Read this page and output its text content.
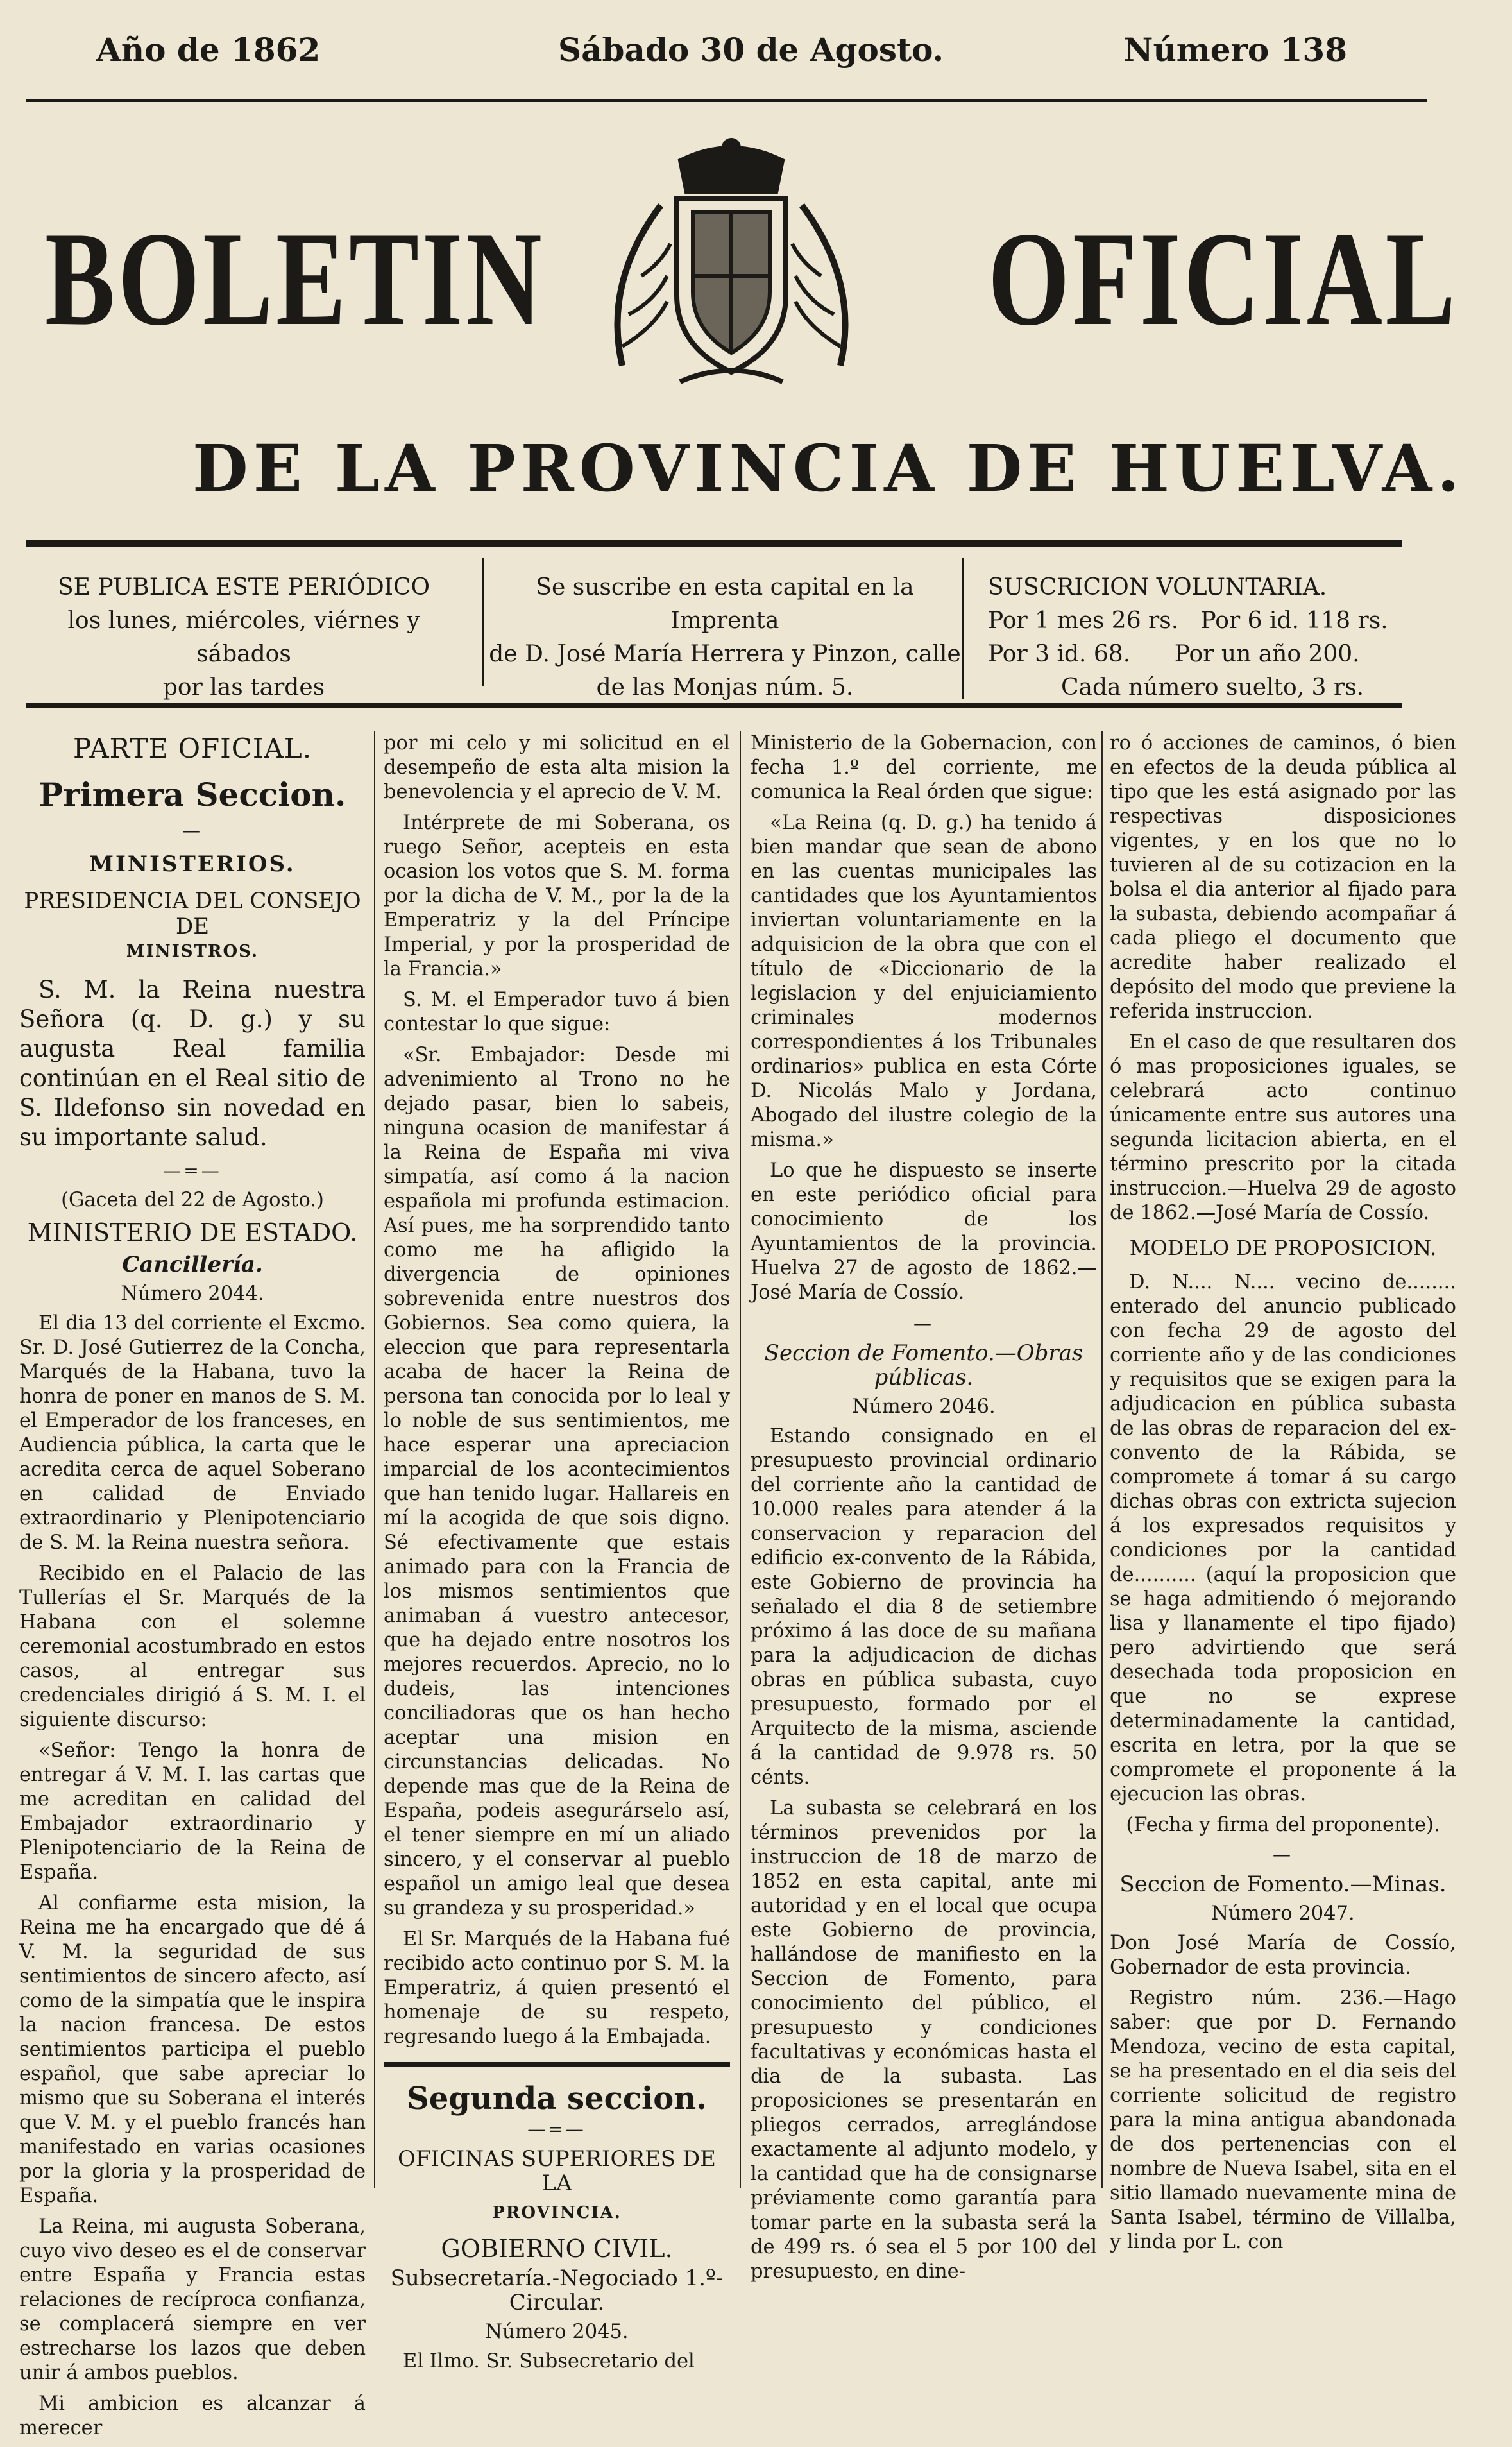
Año de 1862	Sábado 30 de Agosto.	Número 138
BOLETIN	OFICIAL
DE LA PROVINCIA DE HUELVA.
SE PUBLICA ESTE PERIÓDICO
los lunes, miércoles, viérnes y sábados
por las tardes
Se suscribe en esta capital en la Imprenta
de D. José María Herrera y Pinzon, calle
de las Monjas núm. 5.
SUSCRICION VOLUNTARIA.
Por 1 mes 26 rs.   Por 6 id. 118 rs.
Por 3 id. 68.      Por un año 200.
Cada número suelto, 3 rs.
PARTE OFICIAL.
Primera Seccion.
—
MINISTERIOS.
PRESIDENCIA DEL CONSEJO DE
MINISTROS.

S. M. la Reina nuestra Señora (q. D. g.) y su augusta Real familia continúan en el Real sitio de S. Ildefonso sin novedad en su importante salud.

—=—
(Gaceta del 22 de Agosto.)
MINISTERIO DE ESTADO.
Cancillería.
Número 2044.

El dia 13 del corriente el Excmo. Sr. D. José Gutierrez de la Concha, Marqués de la Habana, tuvo la honra de poner en manos de S. M. el Emperador de los franceses, en Audiencia pública, la carta que le acredita cerca de aquel Soberano en calidad de Enviado extraordinario y Plenipotenciario de S. M. la Reina nuestra señora.

Recibido en el Palacio de las Tullerías el Sr. Marqués de la Habana con el solemne ceremonial acostumbrado en estos casos, al entregar sus credenciales dirigió á S. M. I. el siguiente discurso:

«Señor: Tengo la honra de entregar á V. M. I. las cartas que me acreditan en calidad del Embajador extraordinario y Plenipotenciario de la Reina de España.

Al confiarme esta mision, la Reina me ha encargado que dé á V. M. la seguridad de sus sentimientos de sincero afecto, así como de la simpatía que le inspira la nacion francesa. De estos sentimientos participa el pueblo español, que sabe apreciar lo mismo que su Soberana el interés que V. M. y el pueblo francés han manifestado en varias ocasiones por la gloria y la prosperidad de España.

La Reina, mi augusta Soberana, cuyo vivo deseo es el de conservar entre España y Francia estas relaciones de recíproca confianza, se complacerá siempre en ver estrecharse los lazos que deben unir á ambos pueblos.

Mi ambicion es alcanzar á merecer

por mi celo y mi solicitud en el desempeño de esta alta mision la benevolencia y el aprecio de V. M.

Intérprete de mi Soberana, os ruego Señor, acepteis en esta ocasion los votos que S. M. forma por la dicha de V. M., por la de la Emperatriz y la del Príncipe Imperial, y por la prosperidad de la Francia.»

S. M. el Emperador tuvo á bien contestar lo que sigue:

«Sr. Embajador: Desde mi advenimiento al Trono no he dejado pasar, bien lo sabeis, ninguna ocasion de manifestar á la Reina de España mi viva simpatía, así como á la nacion española mi profunda estimacion. Así pues, me ha sorprendido tanto como me ha afligido la divergencia de opiniones sobrevenida entre nuestros dos Gobiernos. Sea como quiera, la eleccion que para representarla acaba de hacer la Reina de persona tan conocida por lo leal y lo noble de sus sentimientos, me hace esperar una apreciacion imparcial de los acontecimientos que han tenido lugar. Hallareis en mí la acogida de que sois digno. Sé efectivamente que estais animado para con la Francia de los mismos sentimientos que animaban á vuestro antecesor, que ha dejado entre nosotros los mejores recuerdos. Aprecio, no lo dudeis, las intenciones conciliadoras que os han hecho aceptar una mision en circunstancias delicadas. No depende mas que de la Reina de España, podeis asegurárselo así, el tener siempre en mí un aliado sincero, y el conservar al pueblo español un amigo leal que desea su grandeza y su prosperidad.»

El Sr. Marqués de la Habana fué recibido acto continuo por S. M. la Emperatriz, á quien presentó el homenaje de su respeto, regresando luego á la Embajada.

Segunda seccion.
—=—
OFICINAS SUPERIORES DE LA
PROVINCIA.
GOBIERNO CIVIL.
Subsecretaría.-Negociado 1.º-Circular.
Número 2045.

El Ilmo. Sr. Subsecretario del

Ministerio de la Gobernacion, con fecha 1.º del corriente, me comunica la Real órden que sigue:

«La Reina (q. D. g.) ha tenido á bien mandar que sean de abono en las cuentas municipales las cantidades que los Ayuntamientos inviertan voluntariamente en la adquisicion de la obra que con el título de «Diccionario de la legislacion y del enjuiciamiento criminales modernos correspondientes á los Tribunales ordinarios» publica en esta Córte D. Nicolás Malo y Jordana, Abogado del ilustre colegio de la misma.»

Lo que he dispuesto se inserte en este periódico oficial para conocimiento de los Ayuntamientos de la provincia. Huelva 27 de agosto de 1862.—José María de Cossío.

—
Seccion de Fomento.—Obras públicas.
Número 2046.

Estando consignado en el presupuesto provincial ordinario del corriente año la cantidad de 10.000 reales para atender á la conservacion y reparacion del edificio ex-convento de la Rábida, este Gobierno de provincia ha señalado el dia 8 de setiembre próximo á las doce de su mañana para la adjudicacion de dichas obras en pública subasta, cuyo presupuesto, formado por el Arquitecto de la misma, asciende á la cantidad de 9.978 rs. 50 cénts.

La subasta se celebrará en los términos prevenidos por la instruccion de 18 de marzo de 1852 en esta capital, ante mi autoridad y en el local que ocupa este Gobierno de provincia, hallándose de manifiesto en la Seccion de Fomento, para conocimiento del público, el presupuesto y condiciones facultativas y económicas hasta el dia de la subasta. Las proposiciones se presentarán en pliegos cerrados, arreglándose exactamente al adjunto modelo, y la cantidad que ha de consignarse préviamente como garantía para tomar parte en la subasta será la de 499 rs. ó sea el 5 por 100 del presupuesto, en dine-

ro ó acciones de caminos, ó bien en efectos de la deuda pública al tipo que les está asignado por las respectivas disposiciones vigentes, y en los que no lo tuvieren al de su cotizacion en la bolsa el dia anterior al fijado para la subasta, debiendo acompañar á cada pliego el documento que acredite haber realizado el depósito del modo que previene la referida instruccion.

En el caso de que resultaren dos ó mas proposiciones iguales, se celebrará acto continuo únicamente entre sus autores una segunda licitacion abierta, en el término prescrito por la citada instruccion.—Huelva 29 de agosto de 1862.—José María de Cossío.

MODELO DE PROPOSICION.

D. N.... N.... vecino de........ enterado del anuncio publicado con fecha 29 de agosto del corriente año y de las condiciones y requisitos que se exigen para la adjudicacion en pública subasta de las obras de reparacion del ex-convento de la Rábida, se compromete á tomar á su cargo dichas obras con extricta sujecion á los expresados requisitos y condiciones por la cantidad de.......... (aquí la proposicion que se haga admitiendo ó mejorando lisa y llanamente el tipo fijado) pero advirtiendo que será desechada toda proposicion en que no se exprese determinadamente la cantidad, escrita en letra, por la que se compromete el proponente á la ejecucion las obras.

(Fecha y firma del proponente).
—
Seccion de Fomento.—Minas.
Número 2047.

Don José María de Cossío, Gobernador de esta provincia.

Registro núm. 236.—Hago saber: que por D. Fernando Mendoza, vecino de esta capital, se ha presentado en el dia seis del corriente solicitud de registro para la mina antigua abandonada de dos pertenencias con el nombre de Nueva Isabel, sita en el sitio llamado nuevamente mina de Santa Isabel, término de Villalba, y linda por L. con
